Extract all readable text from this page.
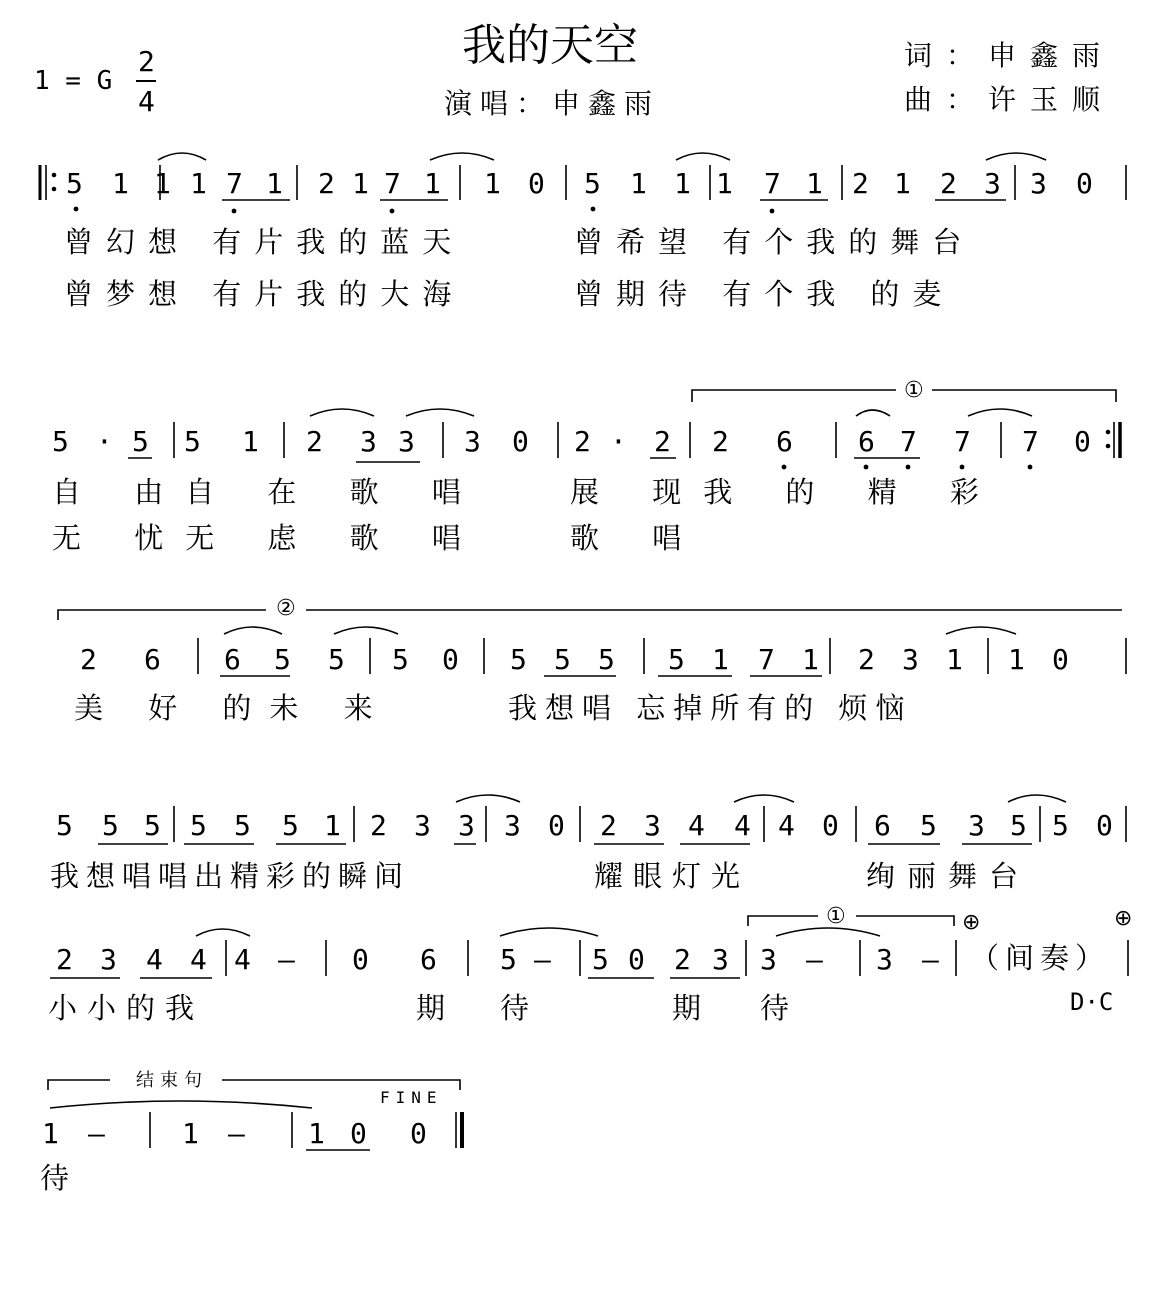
我的天空
演唱：申鑫雨
词：申鑫雨
曲：许玉顺
1 = G
2
4
5 1 1 1 7 1 2 1 7 1 1 0 5 1 1 1 7 1 2 1 2 3 3 0
曾幻想 有片我的蓝天	曾希望 有个我的舞台
曾梦想 有片我的大海	曾期待 有个我 的麦
①
5 · 5 5 1 2 3 3 3 0 2 · 2 2 6 6 7 7 7 0
自 由自 在 歌 唱	展 现我 的 精 彩
无 忧无 虑 歌 唱	歌 唱
②
2 6 6 5 5 5 0 5 5 5 5 1 7 1 2 3 1 1 0
美 好 的未 来	我想唱 忘掉所有的 烦恼
5 5 5 5 5 5 1 2 3 3 3 0 2 3 4 4 4 0 6 5 3 5 5 0
我想唱唱出精彩的瞬间	耀眼灯光	绚丽舞台
①	⊕	⊕
2 3 4 4 4 – 0 6 5 – 5 0 2 3 3 – 3 – （间奏）
小小的我	期 待	期 待	D·C
结束句
FINE
1 –	1 – 1 0 0
待
